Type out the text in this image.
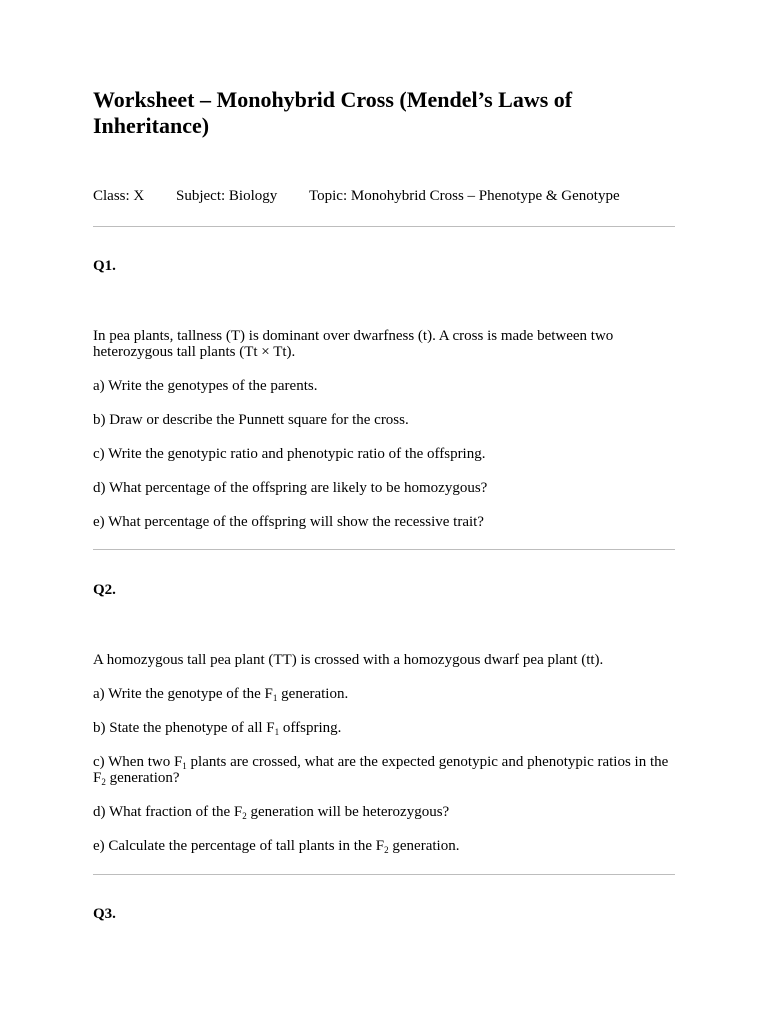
Worksheet – Monohybrid Cross (Mendel’s Laws of Inheritance)
Class: X Subject: Biology Topic: Monohybrid Cross – Phenotype & Genotype

Q1.

In pea plants, tallness (T) is dominant over dwarfness (t). A cross is made between two heterozygous tall plants (Tt × Tt).

a) Write the genotypes of the parents.

b) Draw or describe the Punnett square for the cross.

c) Write the genotypic ratio and phenotypic ratio of the offspring.

d) What percentage of the offspring are likely to be homozygous?

e) What percentage of the offspring will show the recessive trait?

Q2.

A homozygous tall pea plant (TT) is crossed with a homozygous dwarf pea plant (tt).

a) Write the genotype of the $F_1$ generation.

b) State the phenotype of all $F_1$ offspring.

c) When two $F_1$ plants are crossed, what are the expected genotypic and phenotypic ratios in the $F_2$ generation?

d) What fraction of the $F_2$ generation will be heterozygous?

e) Calculate the percentage of tall plants in the $F_2$ generation.

Q3.
